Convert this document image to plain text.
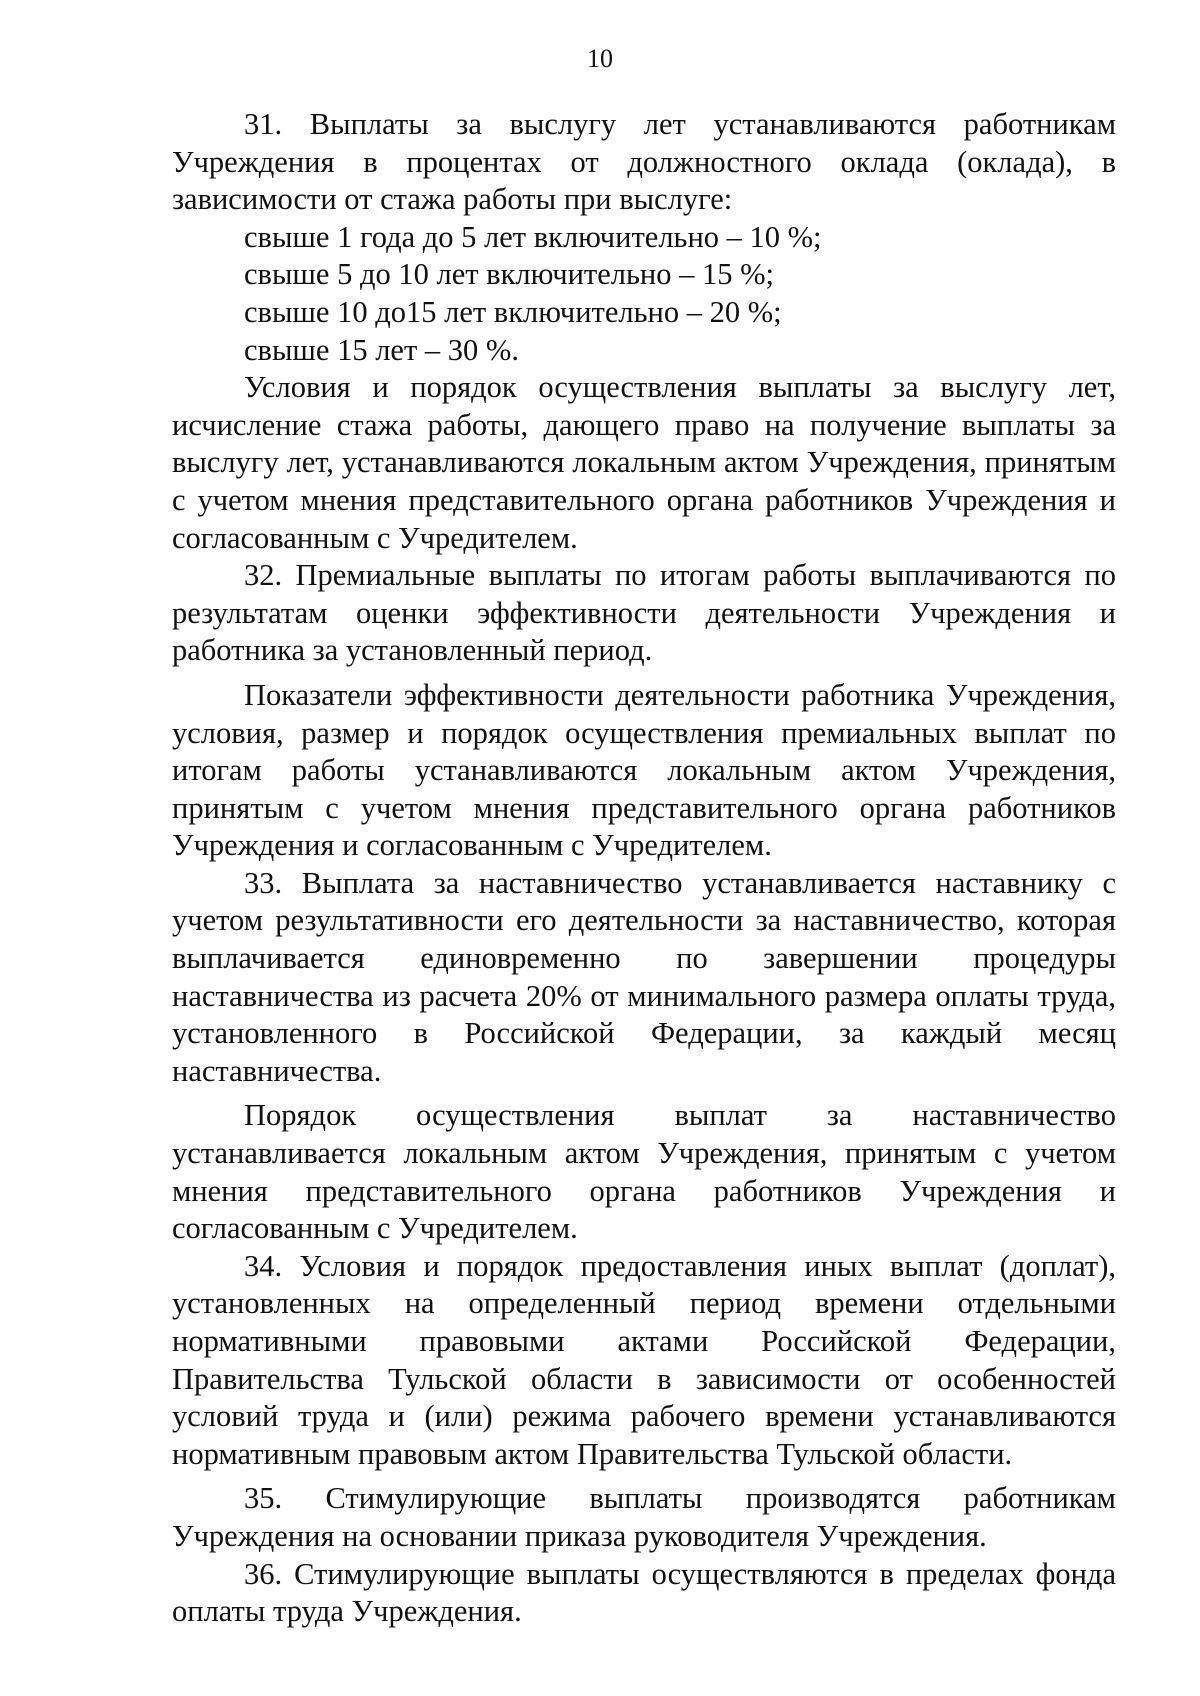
10

31. Выплаты за выслугу лет устанавливаются работникам Учреждения в процентах от должностного оклада (оклада), в зависимости от стажа работы при выслуге:

свыше 1 года до 5 лет включительно – 10 %;

свыше 5 до 10 лет включительно – 15 %;

свыше 10 до15 лет включительно – 20 %;

свыше 15 лет – 30 %.

Условия и порядок осуществления выплаты за выслугу лет, исчисление стажа работы, дающего право на получение выплаты за выслугу лет, устанавливаются локальным актом Учреждения, принятым с учетом мнения представительного органа работников Учреждения и согласованным с Учредителем.

32. Премиальные выплаты по итогам работы выплачиваются по результатам оценки эффективности деятельности Учреждения и работника за установленный период.

Показатели эффективности деятельности работника Учреждения, условия, размер и порядок осуществления премиальных выплат по итогам работы устанавливаются локальным актом Учреждения, принятым с учетом мнения представительного органа работников Учреждения и согласованным с Учредителем.

33. Выплата за наставничество устанавливается наставнику с учетом результативности его деятельности за наставничество, которая выплачивается единовременно по завершении процедуры наставничества из расчета 20% от минимального размера оплаты труда, установленного в Российской Федерации, за каждый месяц наставничества.

Порядок осуществления выплат за наставничество устанавливается локальным актом Учреждения, принятым с учетом мнения представительного органа работников Учреждения и согласованным с Учредителем.

34. Условия и порядок предоставления иных выплат (доплат), установленных на определенный период времени отдельными нормативными правовыми актами Российской Федерации, Правительства Тульской области в зависимости от особенностей условий труда и (или) режима рабочего времени устанавливаются нормативным правовым актом Правительства Тульской области.

35. Стимулирующие выплаты производятся работникам Учреждения на основании приказа руководителя Учреждения.

36. Стимулирующие выплаты осуществляются в пределах фонда оплаты труда Учреждения.
